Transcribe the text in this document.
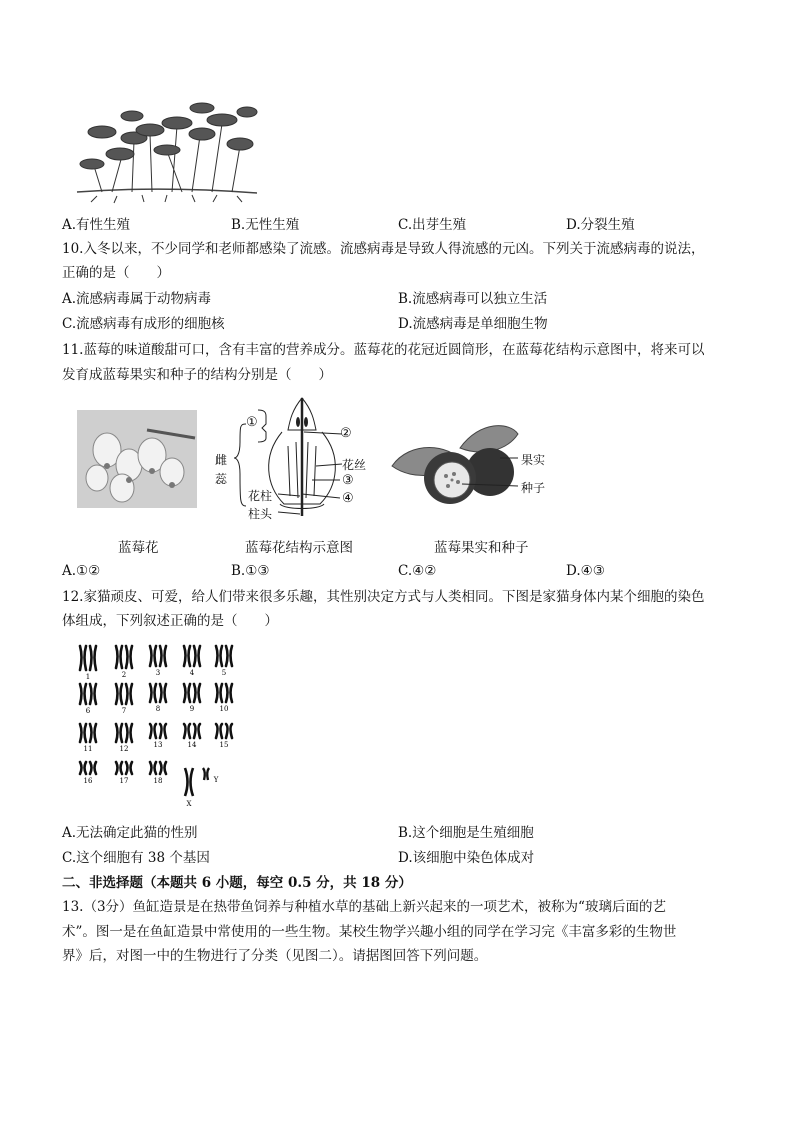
A.有性生殖	B.无性生殖	C.出芽生殖	D.分裂生殖
10.入冬以来，不少同学和老师都感染了流感。流感病毒是导致人得流感的元凶。下列关于流感病毒的说法，
正确的是（　　）
A.流感病毒属于动物病毒	B.流感病毒可以独立生活
C.流感病毒有成形的细胞核	D.流感病毒是单细胞生物
11.蓝莓的味道酸甜可口，含有丰富的营养成分。蓝莓花的花冠近圆筒形，在蓝莓花结构示意图中，将来可以
发育成蓝莓果实和种子的结构分别是（　　）
①
②
花丝
③
花柱	④
柱头
雌
蕊
果实
种子
蓝莓花	蓝莓花结构示意图	蓝莓果实和种子
A.①②	B.①③	C.④②	D.④③
12.家猫顽皮、可爱，给人们带来很多乐趣，其性别决定方式与人类相同。下图是家猫身体内某个细胞的染色
体组成，下列叙述正确的是（　　）
1	2	3	4	5
6	7	8	9	10
11	12	13	14	15
16	17	18
X
Y
A.无法确定此猫的性别	B.这个细胞是生殖细胞
C.这个细胞有 38 个基因	D.该细胞中染色体成对
二、非选择题（本题共 6 小题，每空 0.5 分，共 18 分）
13.（3分）鱼缸造景是在热带鱼饲养与种植水草的基础上新兴起来的一项艺术，被称为“玻璃后面的艺
术”。图一是在鱼缸造景中常使用的一些生物。某校生物学兴趣小组的同学在学习完《丰富多彩的生物世
界》后，对图一中的生物进行了分类（见图二）。请据图回答下列问题。
